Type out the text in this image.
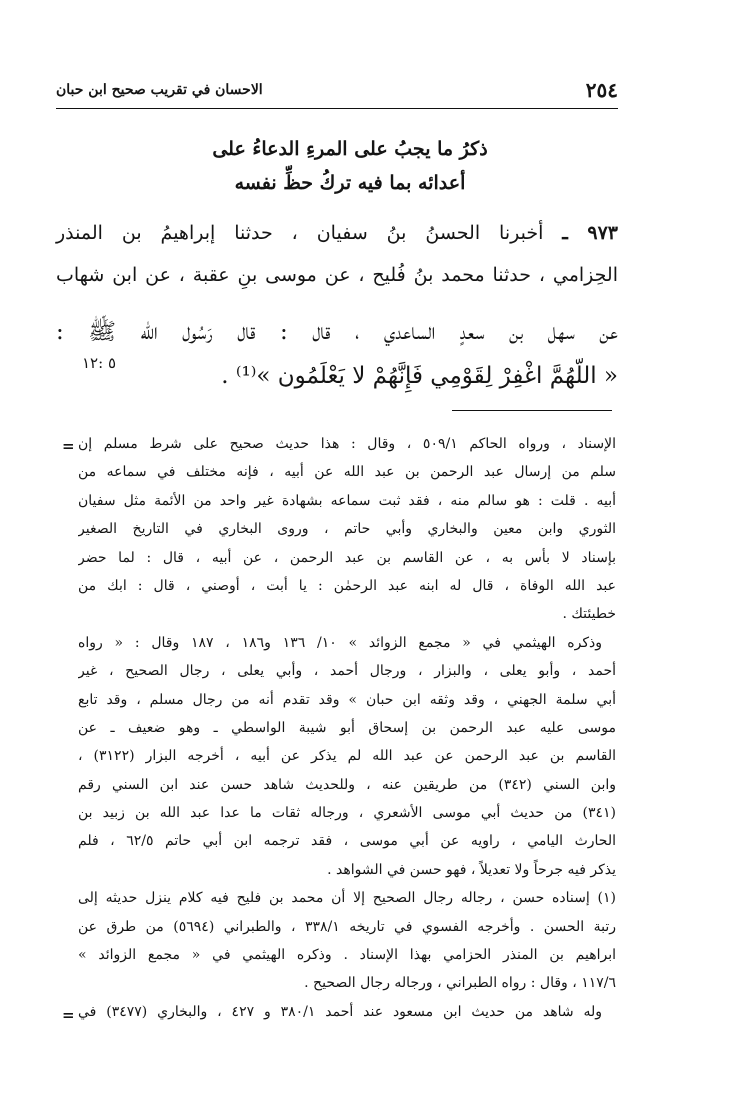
٢٥٤
الاحسان في تقريب صحيح ابن حبان
ذكرُ ما يجبُ على المرءِ الدعاءُ على
أعدائه بما فيه تركُ حظِّ نفسه
٩٧٣ ـ أخبرنا الحسنُ بنُ سفيان ، حدثنا إبراهيمُ بن المنذر
الحِزامي ، حدثنا محمد بنُ فُليح ، عن موسى بنِ عقبة ، عن ابن شهاب
عن سهل بن سعدٍ الساعدي ، قال : قال رَسُول اللّه ﷺ :
« اللّهُمَّ اغْفِرْ لِقَوْمِي فَإِنَّهُمْ لا يَعْلَمُون »⁽¹⁾ .
٥ :١٢
=
=
الإسناد ، ورواه الحاكم ٥٠٩/١ ، وقال : هذا حديث صحيح على شرط مسلم إن
سلم من إرسال عبد الرحمن بن عبد الله عن أبيه ، فإنه مختلف في سماعه من
أبيه . قلت : هو سالم منه ، فقد ثبت سماعه بشهادة غير واحد من الأئمة مثل سفيان
الثوري وابن معين والبخاري وأبي حاتم ، وروى البخاري في التاريخ الصغير
بإسناد لا بأس به ، عن القاسم بن عبد الرحمن ، عن أبيه ، قال : لما حضر
عبد الله الوفاة ، قال له ابنه عبد الرحمٰن : يا أبت ، أوصني ، قال : ابك من
خطيئتك .
وذكره الهيثمي في « مجمع الزوائد » ١٠/ ١٣٦ و١٨٦ ، ١٨٧ وقال : « رواه
أحمد ، وأبو يعلى ، والبزار ، ورجال أحمد ، وأبي يعلى ، رجال الصحيح ، غير
أبي سلمة الجهني ، وقد وثقه ابن حبان » وقد تقدم أنه من رجال مسلم ، وقد تابع
موسى عليه عبد الرحمن بن إسحاق أبو شيبة الواسطي ـ وهو ضعيف ـ عن
القاسم بن عبد الرحمن عن عبد الله لم يذكر عن أبيه ، أخرجه البزار (٣١٢٢) ،
وابن السني (٣٤٢) من طريقين عنه ، وللحديث شاهد حسن عند ابن السني رقم
(٣٤١) من حديث أبي موسى الأشعري ، ورجاله ثقات ما عدا عبد الله بن زبيد بن
الحارث اليامي ، راويه عن أبي موسى ، فقد ترجمه ابن أبي حاتم ٦٢/٥ ، فلم
يذكر فيه جرحاً ولا تعديلاً ، فهو حسن في الشواهد .
(١) إسناده حسن ، رجاله رجال الصحيح إلا أن محمد بن فليح فيه كلام ينزل حديثه إلى
رتبة الحسن . وأخرجه الفسوي في تاريخه ٣٣٨/١ ، والطبراني (٥٦٩٤) من طرق عن
ابراهيم بن المنذر الحزامي بهذا الإسناد . وذكره الهيثمي في « مجمع الزوائد »
١١٧/٦ ، وقال : رواه الطبراني ، ورجاله رجال الصحيح .
وله شاهد من حديث ابن مسعود عند أحمد ٣٨٠/١ و ٤٢٧ ، والبخاري (٣٤٧٧) في
